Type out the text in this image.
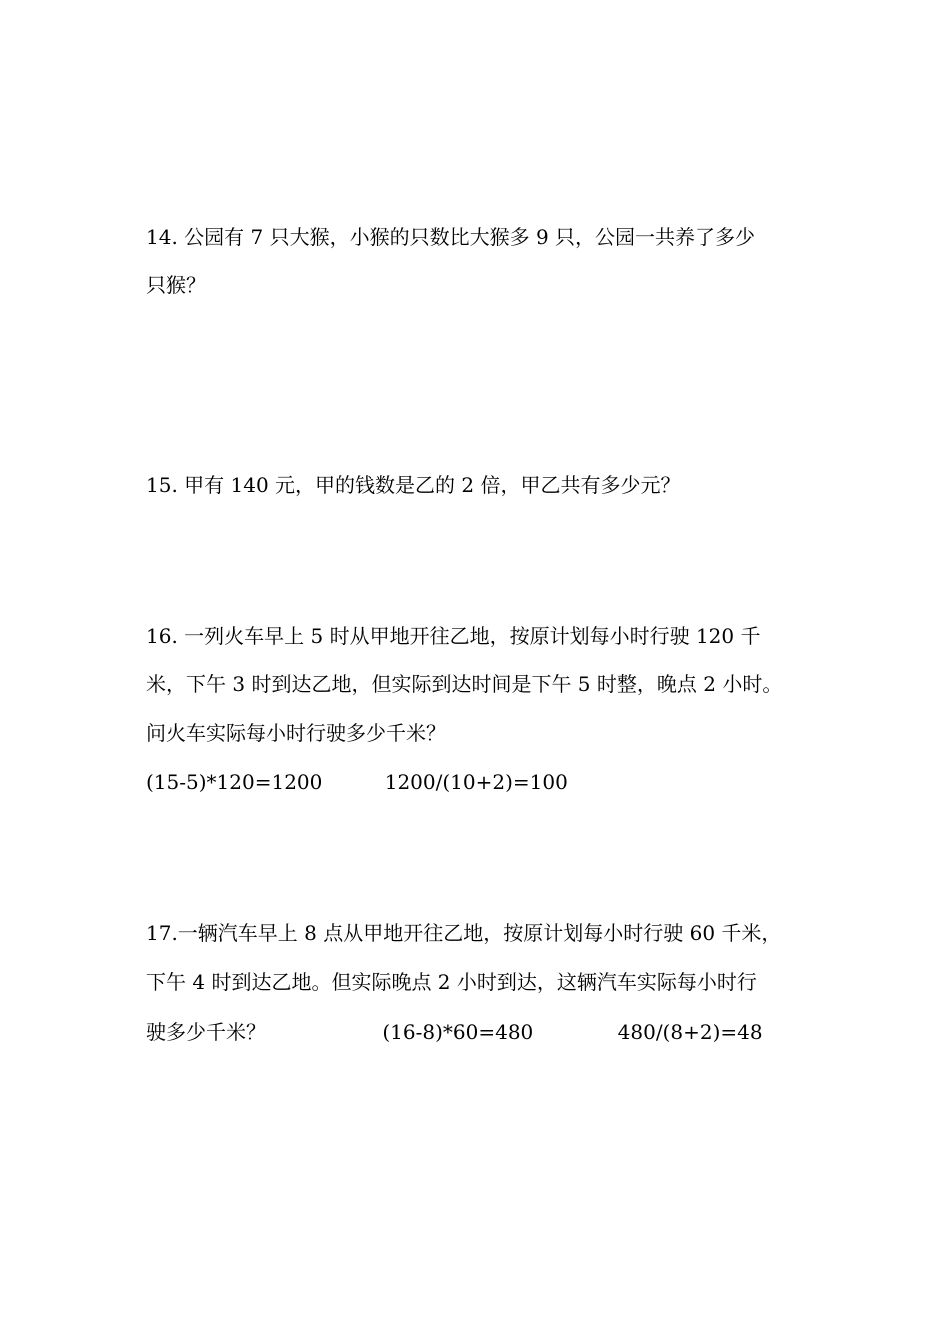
14. 公园有 7 只大猴，小猴的只数比大猴多 9 只，公园一共养了多少

只猴？

15. 甲有 140 元，甲的钱数是乙的 2 倍，甲乙共有多少元？

16. 一列火车早上 5 时从甲地开往乙地，按原计划每小时行驶 120 千

米，下午 3 时到达乙地，但实际到达时间是下午 5 时整，晚点 2 小时。

问火车实际每小时行驶多少千米？

(15-5)*120=1200	1200/(10+2)=100

17.一辆汽车早上 8 点从甲地开往乙地，按原计划每小时行驶 60 千米，

下午 4 时到达乙地。但实际晚点 2 小时到达，这辆汽车实际每小时行

驶多少千米？	(16-8)*60=480	480/(8+2)=48
